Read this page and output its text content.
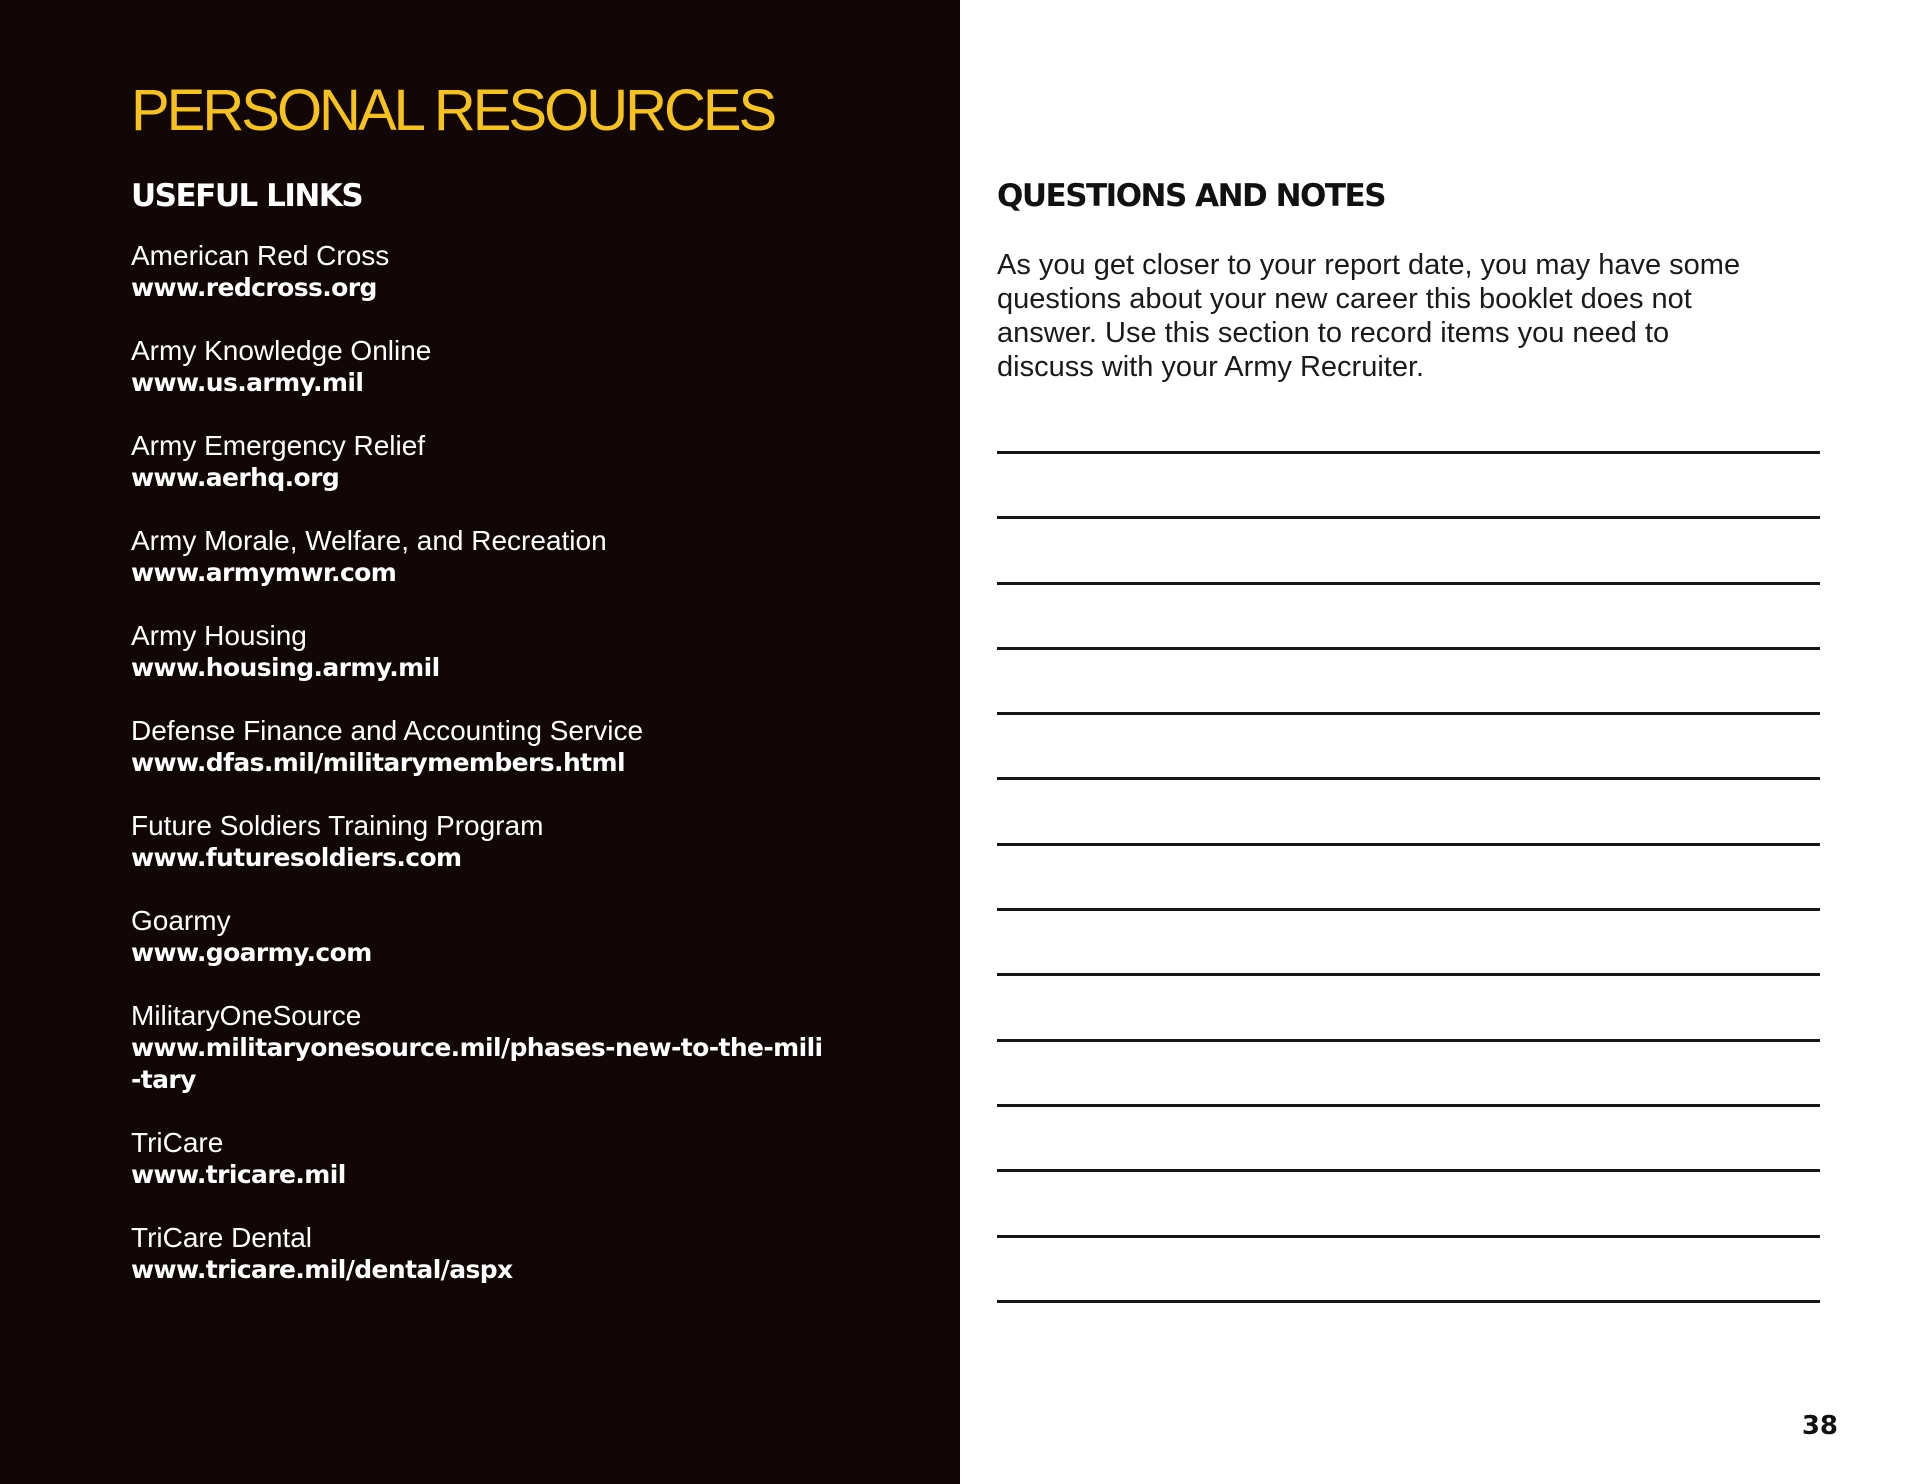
PERSONAL RESOURCES
USEFUL LINKS
American Red Cross
www.redcross.org
Army Knowledge Online
www.us.army.mil
Army Emergency Relief
www.aerhq.org
Army Morale, Welfare, and Recreation
www.armymwr.com
Army Housing
www.housing.army.mil
Defense Finance and Accounting Service
www.dfas.mil/militarymembers.html
Future Soldiers Training Program
www.futuresoldiers.com
Goarmy
www.goarmy.com
MilitaryOneSource
www.militaryonesource.mil/phases-new-to-the-mili-tary
TriCare
www.tricare.mil
TriCare Dental
www.tricare.mil/dental/aspx
QUESTIONS AND NOTES

As you get closer to your report date, you may have some questions about your new career this booklet does not answer. Use this section to record items you need to discuss with your Army Recruiter.

38
